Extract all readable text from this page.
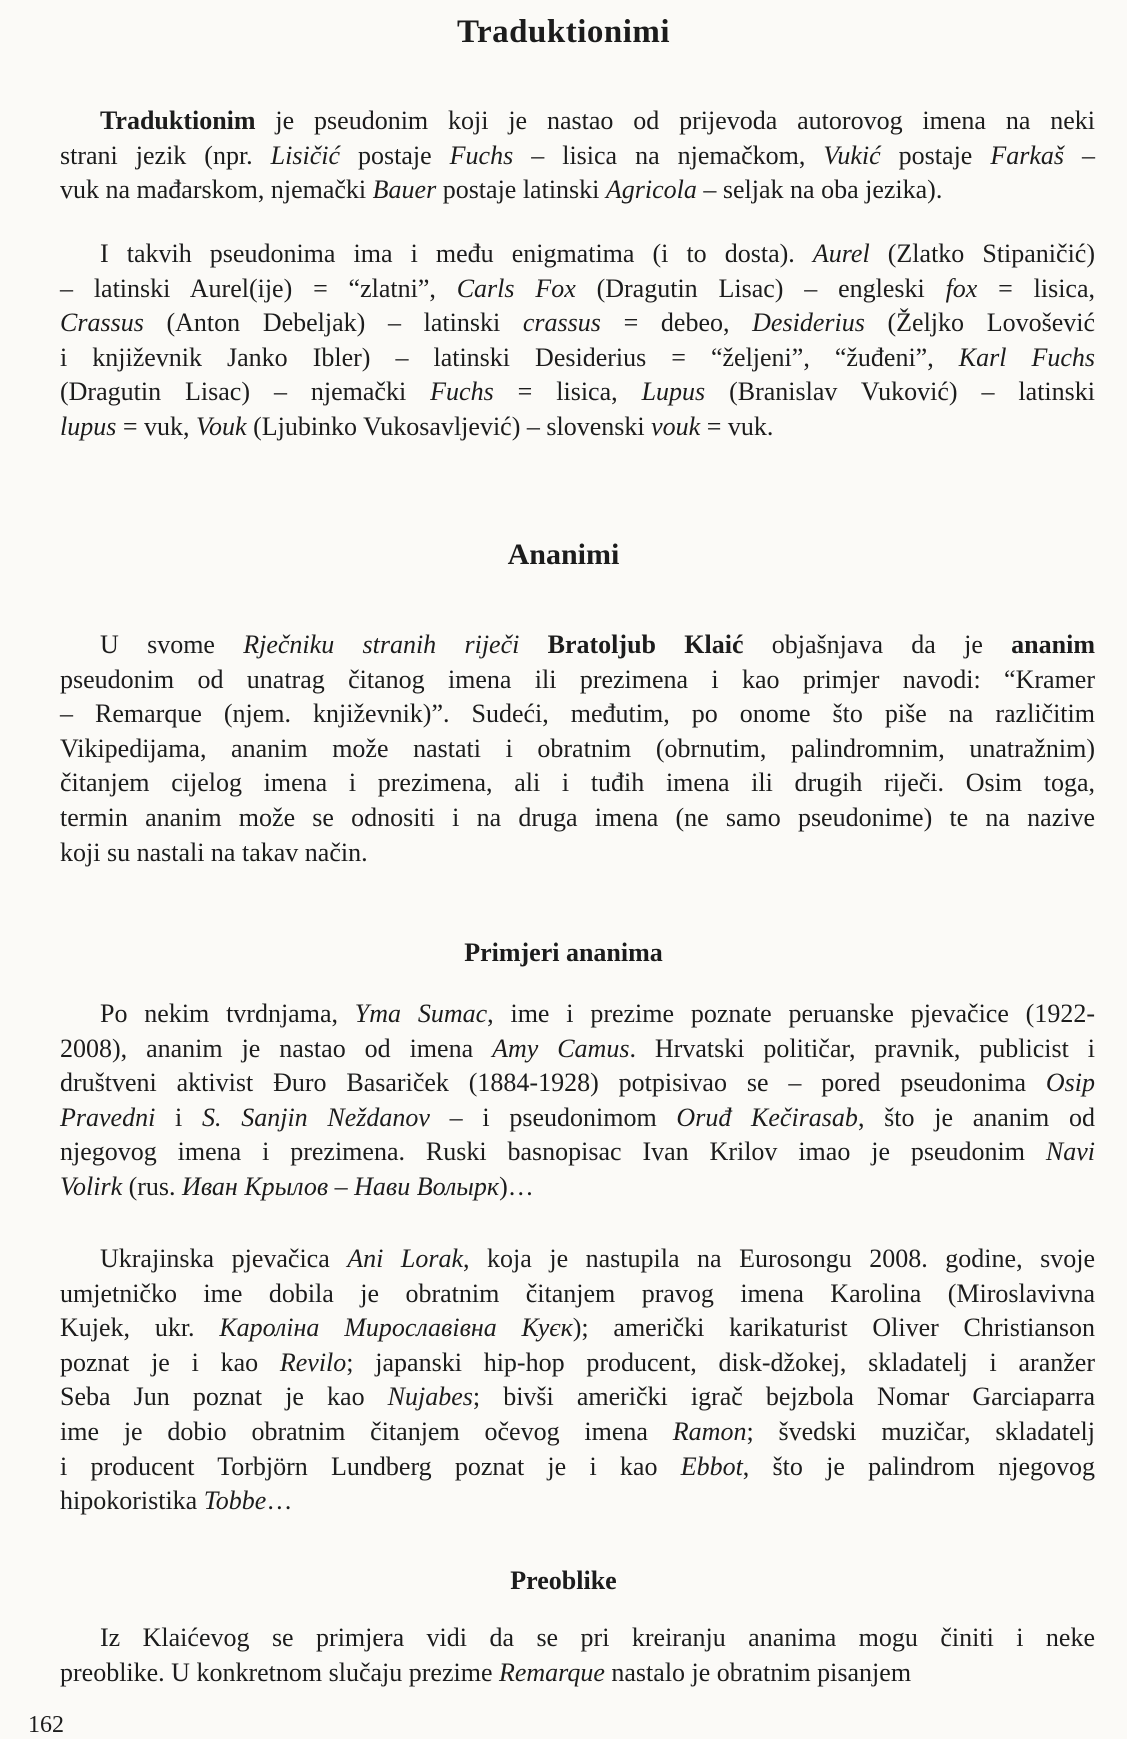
Traduktionimi

Traduktionim je pseudonim koji je nastao od prijevoda autorovog imena na neki
strani jezik (npr. Lisičić postaje Fuchs – lisica na njemačkom, Vukić postaje Farkaš –
vuk na mađarskom, njemački Bauer postaje latinski Agricola – seljak na oba jezika).

I takvih pseudonima ima i među enigmatima (i to dosta). Aurel (Zlatko Stipaničić)
– latinski Aurel(ije) = “zlatni”, Carls Fox (Dragutin Lisac) – engleski fox = lisica,
Crassus (Anton Debeljak) – latinski crassus = debeo, Desiderius (Željko Lovošević
i književnik Janko Ibler) – latinski Desiderius = “željeni”, “žuđeni”, Karl Fuchs
(Dragutin Lisac) – njemački Fuchs = lisica, Lupus (Branislav Vuković) – latinski
lupus = vuk, Vouk (Ljubinko Vukosavljević) – slovenski vouk = vuk.

Ananimi

U svome Rječniku stranih riječi Bratoljub Klaić objašnjava da je ananim
pseudonim od unatrag čitanog imena ili prezimena i kao primjer navodi: “Kramer
– Remarque (njem. književnik)”. Sudeći, međutim, po onome što piše na različitim
Vikipedijama, ananim može nastati i obratnim (obrnutim, palindromnim, unatražnim)
čitanjem cijelog imena i prezimena, ali i tuđih imena ili drugih riječi. Osim toga,
termin ananim može se odnositi i na druga imena (ne samo pseudonime) te na nazive
koji su nastali na takav način.

Primjeri ananima

Po nekim tvrdnjama, Yma Sumac, ime i prezime poznate peruanske pjevačice (1922-
2008), ananim je nastao od imena Amy Camus. Hrvatski političar, pravnik, publicist i
društveni aktivist Đuro Basariček (1884-1928) potpisivao se – pored pseudonima Osip
Pravedni i S. Sanjin Neždanov – i pseudonimom Oruđ Kečirasab, što je ananim od
njegovog imena i prezimena. Ruski basnopisac Ivan Krilov imao je pseudonim Navi
Volirk (rus. Иван Крылов – Нави Волырк)…

Ukrajinska pjevačica Ani Lorak, koja je nastupila na Eurosongu 2008. godine, svoje
umjetničko ime dobila je obratnim čitanjem pravog imena Karolina (Miroslavivna
Kujek, ukr. Кароліна Мирославівна Куєк); američki karikaturist Oliver Christianson
poznat je i kao Revilo; japanski hip-hop producent, disk-džokej, skladatelj i aranžer
Seba Jun poznat je kao Nujabes; bivši američki igrač bejzbola Nomar Garciaparra
ime je dobio obratnim čitanjem očevog imena Ramon; švedski muzičar, skladatelj
i producent Torbjörn Lundberg poznat je i kao Ebbot, što je palindrom njegovog
hipokoristika Tobbe…

Preoblike

Iz Klaićevog se primjera vidi da se pri kreiranju ananima mogu činiti i neke
preoblike. U konkretnom slučaju prezime Remarque nastalo je obratnim pisanjem

162
